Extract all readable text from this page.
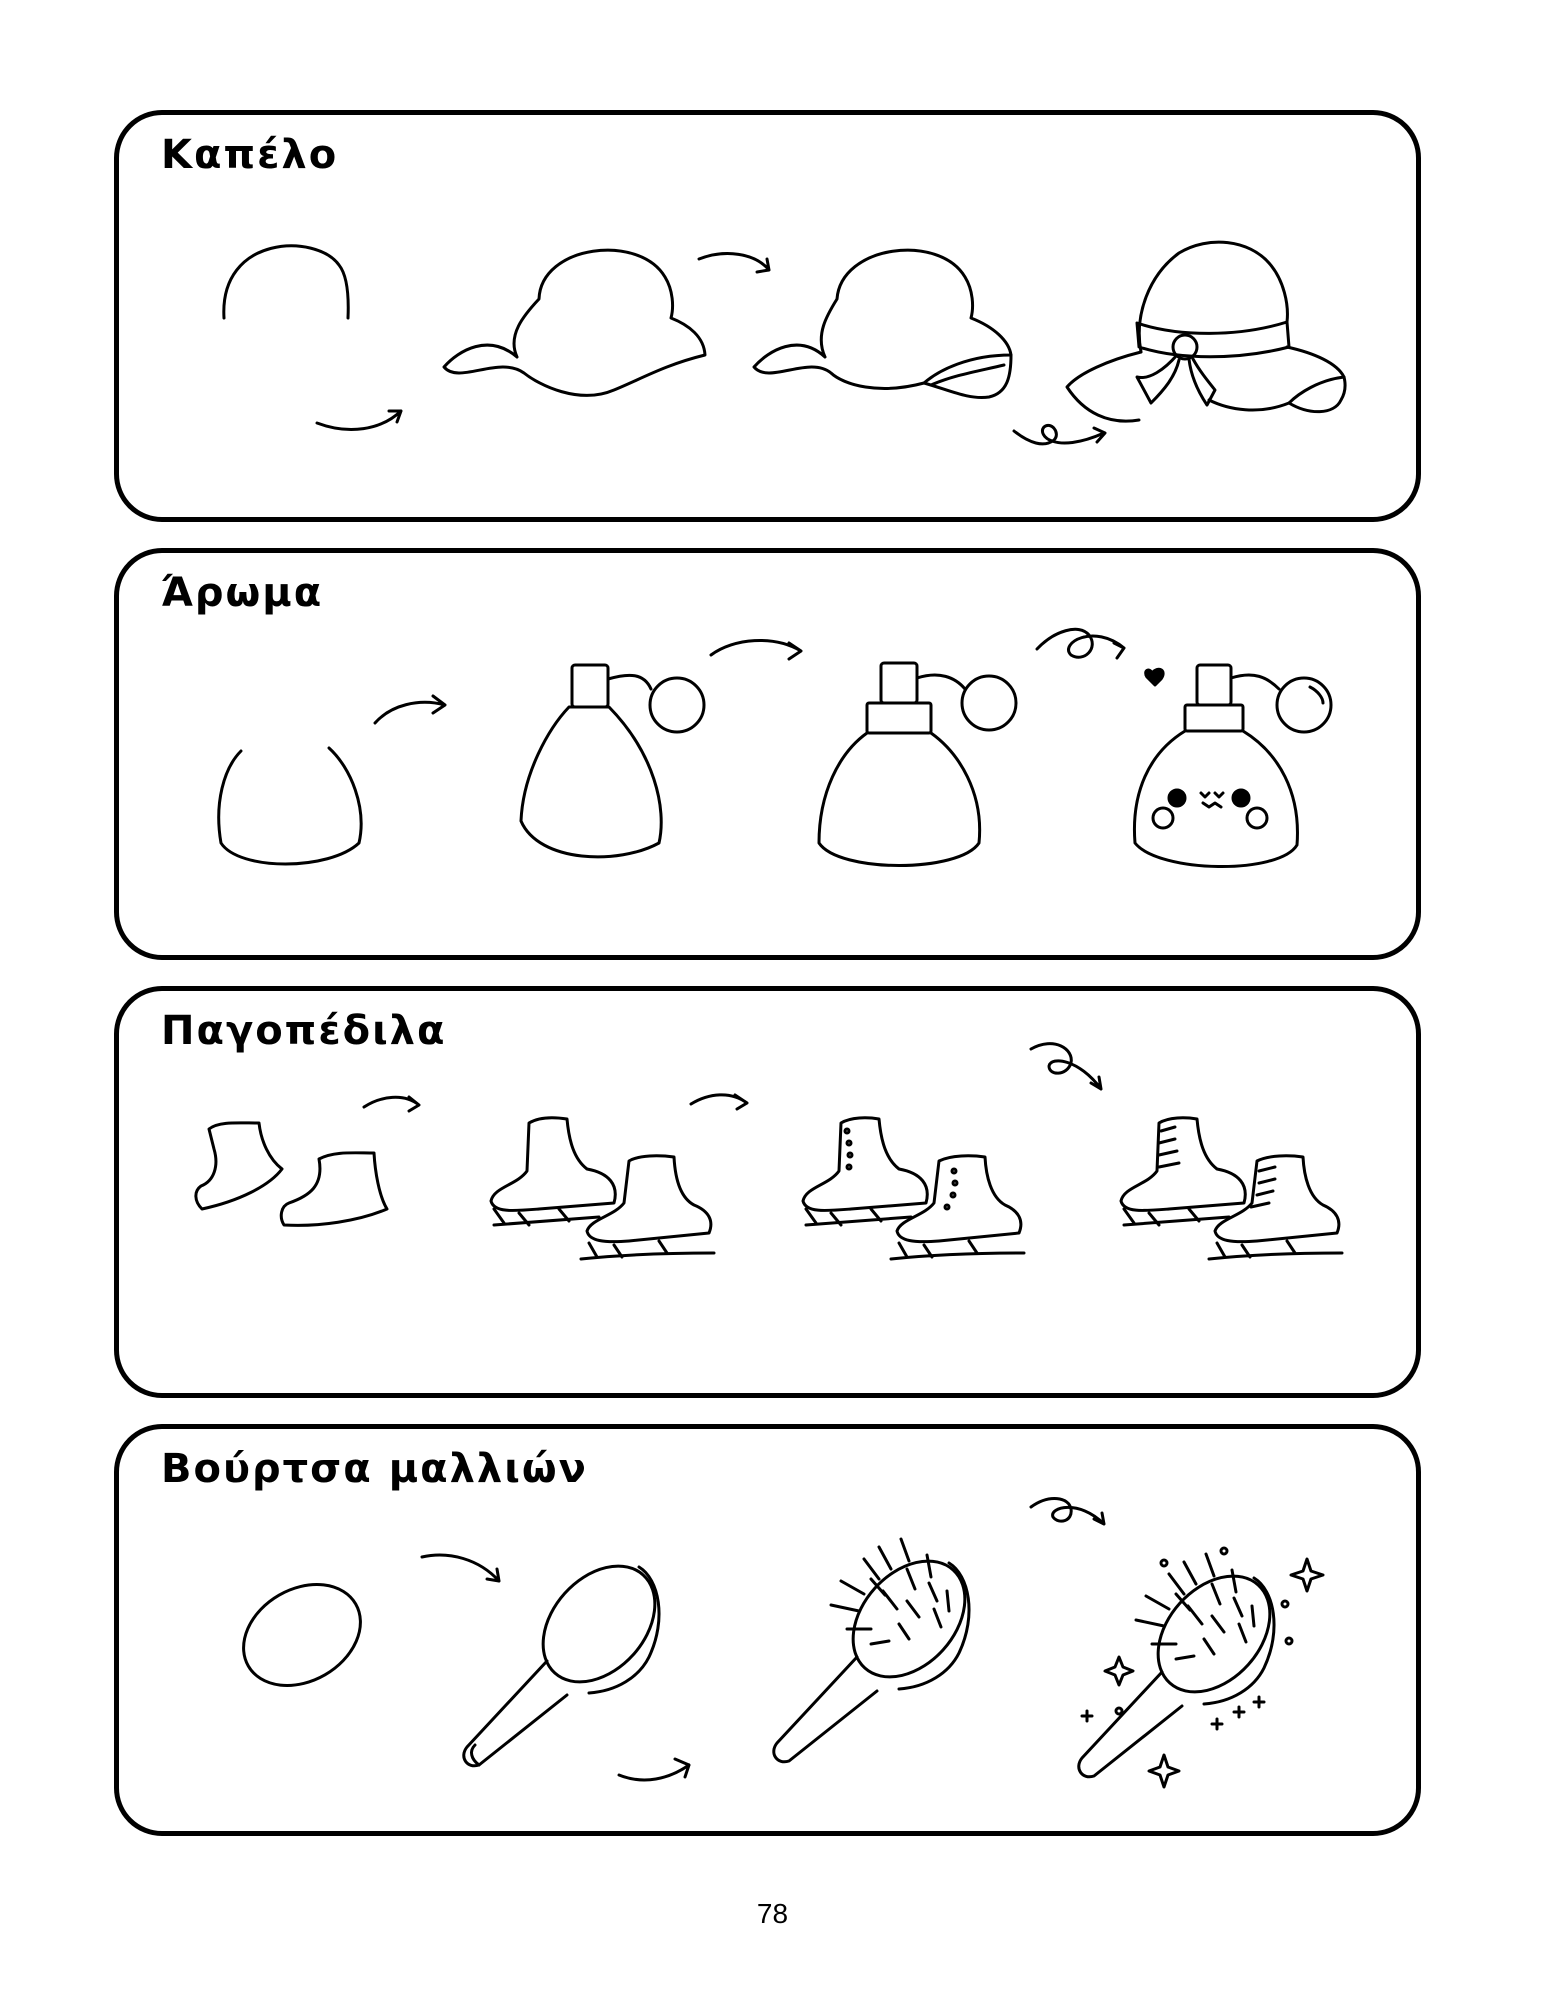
Καπέλο
Άρωμα
Παγοπέδιλα
Βούρτσα μαλλιών
78
